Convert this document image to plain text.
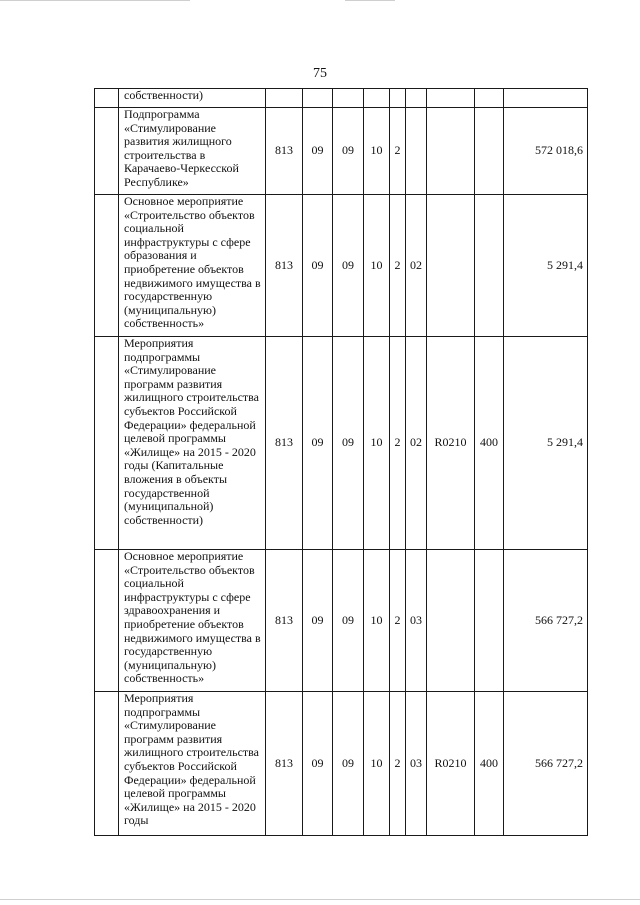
75
	собственности)									
	Подпрограмма «Стимулирование развития жилищного строительства в Карачаево-Черкесской Республике»	813	09	09	10	2				572 018,6
	Основное мероприятие «Строительство объектов социальной инфраструктуры с сфере образования и приобретение объектов недвижимого имущества в государственную (муниципальную) собственность»	813	09	09	10	2	02			5 291,4
	Мероприятия подпрограммы «Стимулирование программ развития жилищного строительства субъектов Российской Федерации» федеральной целевой программы «Жилище» на 2015 - 2020 годы (Капитальные вложения в объекты государственной (муниципальной) собственности)	813	09	09	10	2	02	R0210	400	5 291,4
	Основное мероприятие «Строительство объектов социальной инфраструктуры с сфере здравоохранения и приобретение объектов недвижимого имущества в государственную (муниципальную) собственность»	813	09	09	10	2	03			566 727,2
	Мероприятия подпрограммы «Стимулирование программ развития жилищного строительства субъектов Российской Федерации» федеральной целевой программы «Жилище» на 2015 - 2020 годы	813	09	09	10	2	03	R0210	400	566 727,2
